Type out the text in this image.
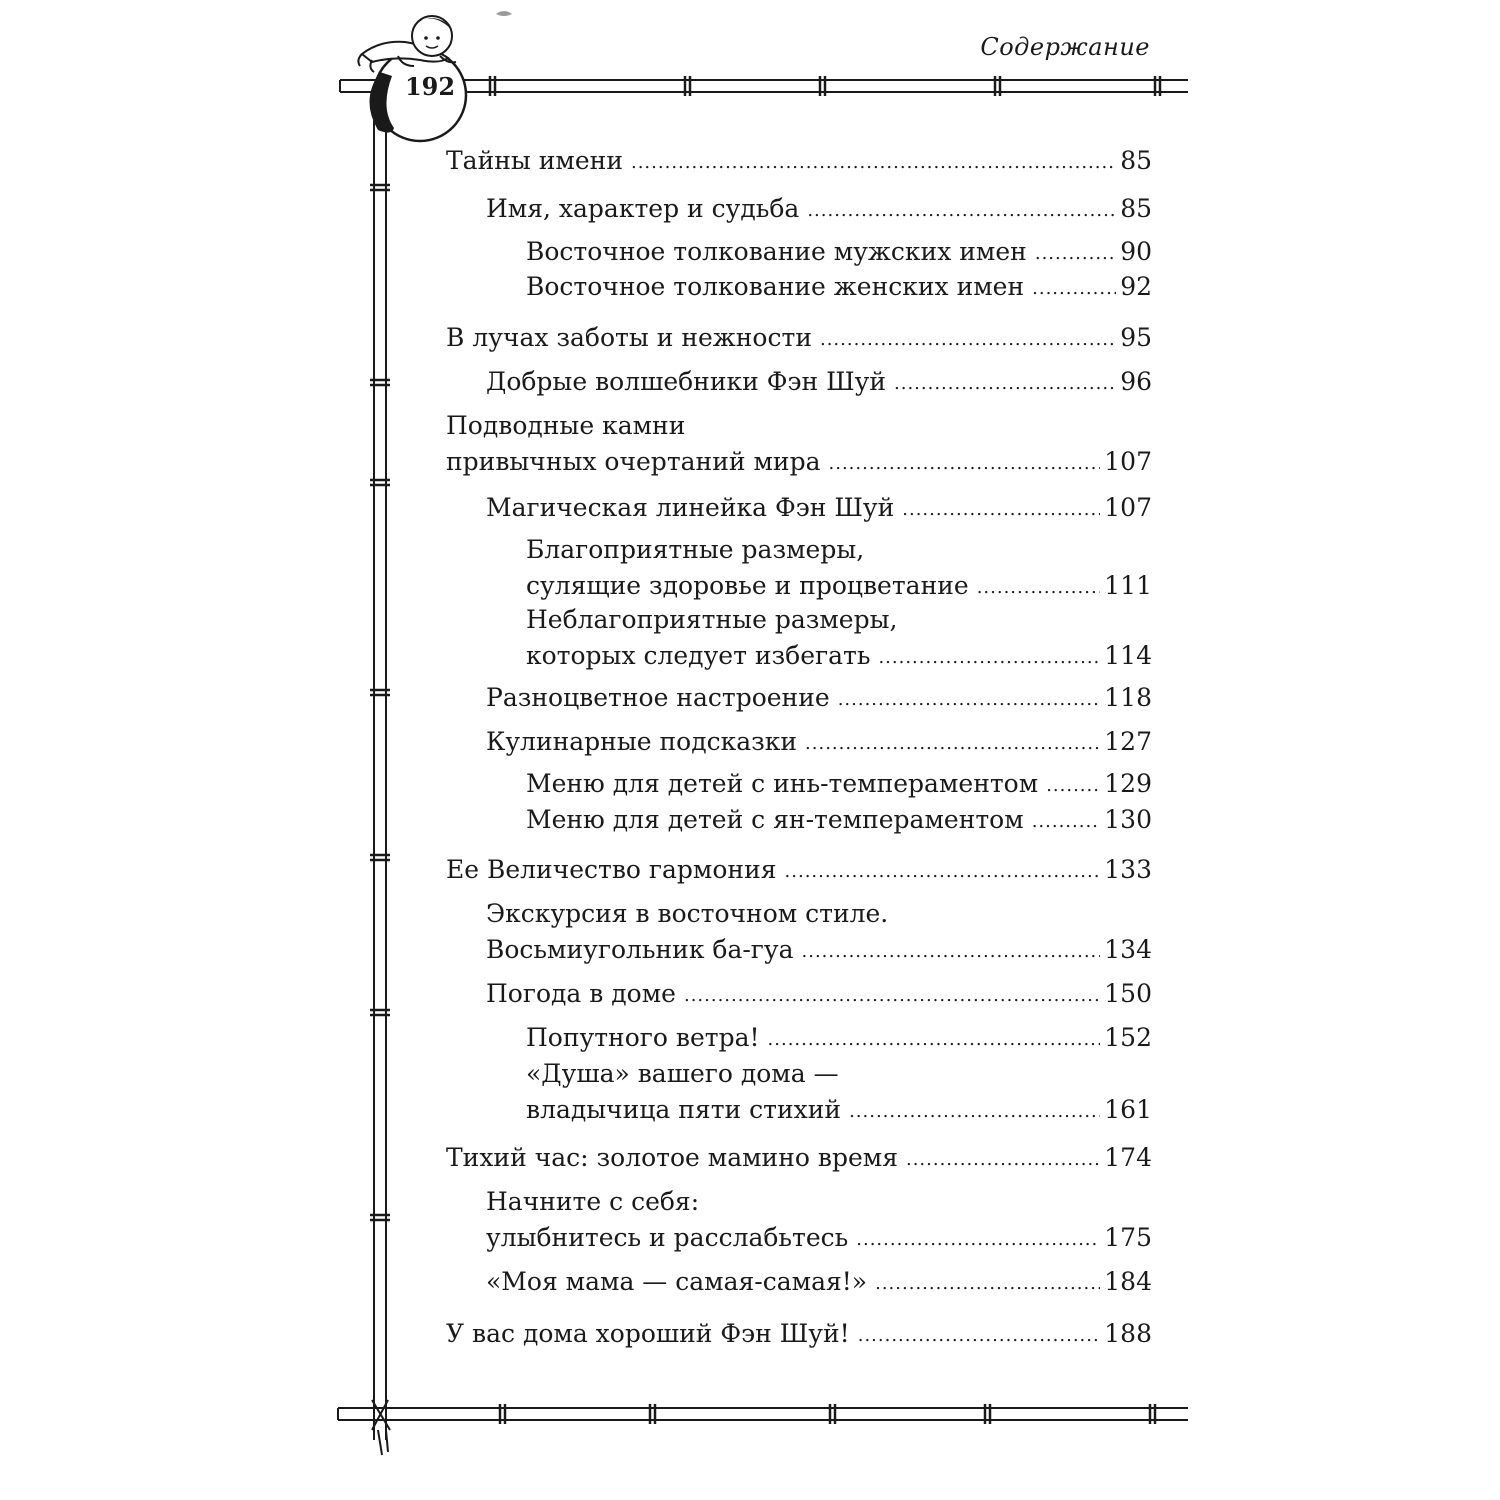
Содержание
192
Тайны имени .....	85
Имя, характер и судьба .....	85
Восточное толкование мужских имен .....	90
Восточное толкование женских имен .....	92
В лучах заботы и нежности .....	95
Добрые волшебники Фэн Шуй .....	96
Подводные камни
привычных очертаний мира .....	107
Магическая линейка Фэн Шуй .....	107
Благоприятные размеры,
сулящие здоровье и процветание .....	111
Неблагоприятные размеры,
которых следует избегать .....	114
Разноцветное настроение .....	118
Кулинарные подсказки .....	127
Меню для детей с инь-темпераментом .....	129
Меню для детей с ян-темпераментом .....	130
Ее Величество гармония .....	133
Экскурсия в восточном стиле.
Восьмиугольник ба-гуа .....	134
Погода в доме .....	150
Попутного ветра! .....	152
«Душа» вашего дома —
владычица пяти стихий .....	161
Тихий час: золотое мамино время .....	174
Начните с себя:
улыбнитесь и расслабьтесь .....	175
«Моя мама — самая-самая!» .....	184
У вас дома хороший Фэн Шуй! .....	188
